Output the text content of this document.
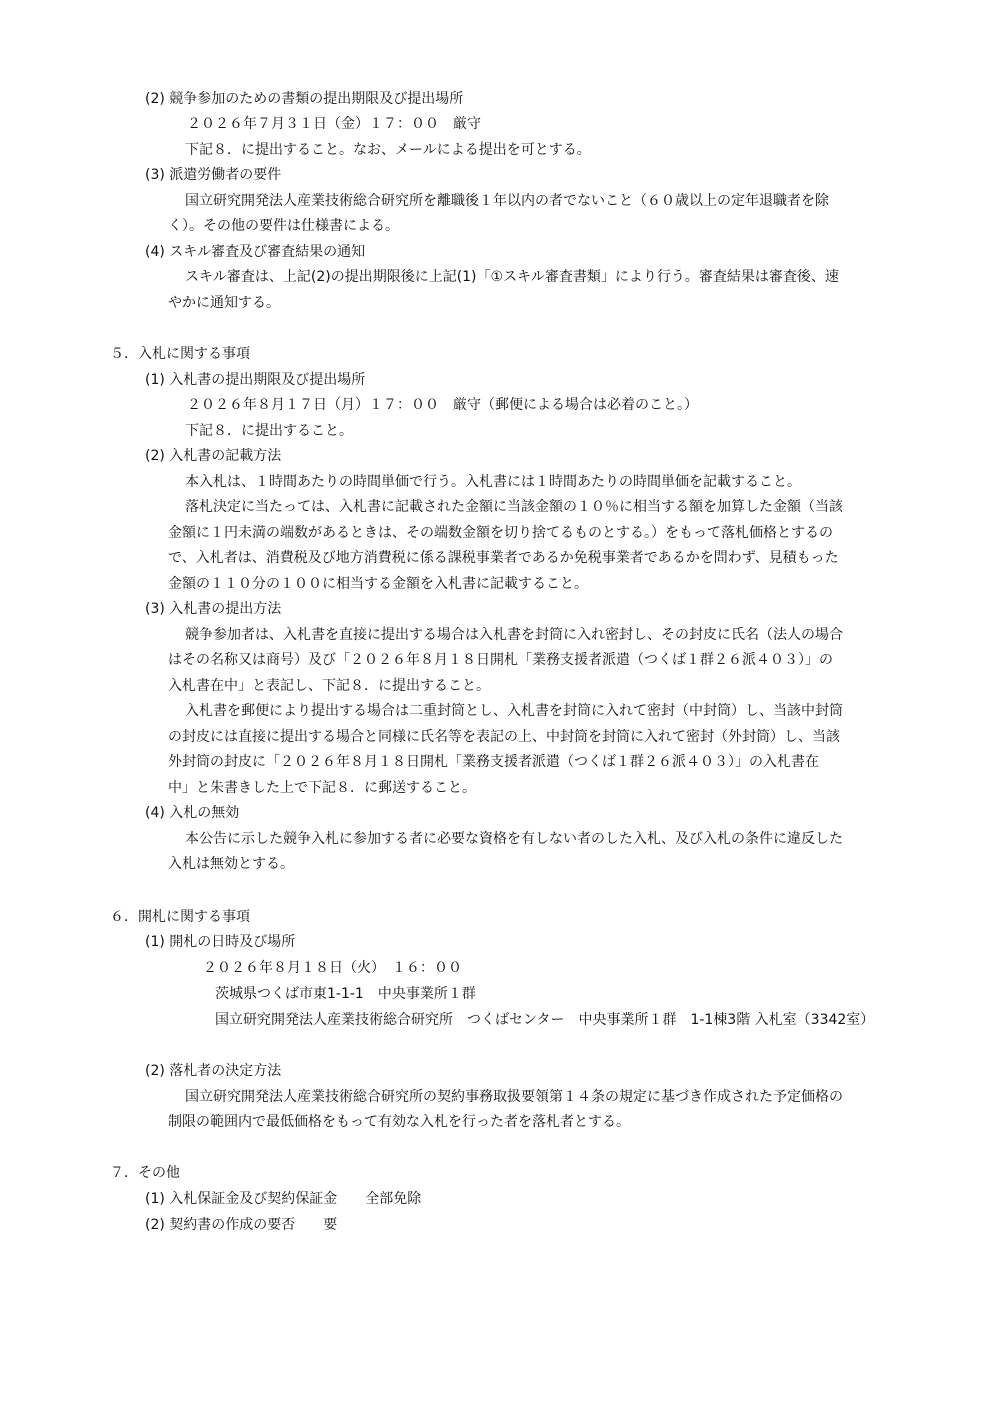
(2) 競争参加のための書類の提出期限及び提出場所
２０２６年７月３１日（金）１７：００　厳守
下記８．に提出すること。なお、メールによる提出を可とする。
(3) 派遣労働者の要件
国立研究開発法人産業技術総合研究所を離職後１年以内の者でないこと（６０歳以上の定年退職者を除
く）。その他の要件は仕様書による。
(4) スキル審査及び審査結果の通知
スキル審査は、上記(2)の提出期限後に上記(1)「①スキル審査書類」により行う。審査結果は審査後、速
やかに通知する。
５．入札に関する事項
(1) 入札書の提出期限及び提出場所
２０２６年８月１７日（月）１７：００　厳守（郵便による場合は必着のこと。）
下記８．に提出すること。
(2) 入札書の記載方法
本入札は、１時間あたりの時間単価で行う。入札書には１時間あたりの時間単価を記載すること。
落札決定に当たっては、入札書に記載された金額に当該金額の１０％に相当する額を加算した金額（当該
金額に１円未満の端数があるときは、その端数金額を切り捨てるものとする。）をもって落札価格とするの
で、入札者は、消費税及び地方消費税に係る課税事業者であるか免税事業者であるかを問わず、見積もった
金額の１１０分の１００に相当する金額を入札書に記載すること。
(3) 入札書の提出方法
競争参加者は、入札書を直接に提出する場合は入札書を封筒に入れ密封し、その封皮に氏名（法人の場合
はその名称又は商号）及び「２０２６年８月１８日開札「業務支援者派遣（つくば１群２６派４０３）」の
入札書在中」と表記し、下記８．に提出すること。
入札書を郵便により提出する場合は二重封筒とし、入札書を封筒に入れて密封（中封筒）し、当該中封筒
の封皮には直接に提出する場合と同様に氏名等を表記の上、中封筒を封筒に入れて密封（外封筒）し、当該
外封筒の封皮に「２０２６年８月１８日開札「業務支援者派遣（つくば１群２６派４０３）」の入札書在
中」と朱書きした上で下記８．に郵送すること。
(4) 入札の無効
本公告に示した競争入札に参加する者に必要な資格を有しない者のした入札、及び入札の条件に違反した
入札は無効とする。
６．開札に関する事項
(1) 開札の日時及び場所
２０２６年８月１８日（火）　１６：００
茨城県つくば市東1-1-1　中央事業所１群
国立研究開発法人産業技術総合研究所　つくばセンター　中央事業所１群　1-1棟3階 入札室（3342室）
(2) 落札者の決定方法
国立研究開発法人産業技術総合研究所の契約事務取扱要領第１４条の規定に基づき作成された予定価格の
制限の範囲内で最低価格をもって有効な入札を行った者を落札者とする。
７．その他
(1) 入札保証金及び契約保証金　　全部免除
(2) 契約書の作成の要否　　要
